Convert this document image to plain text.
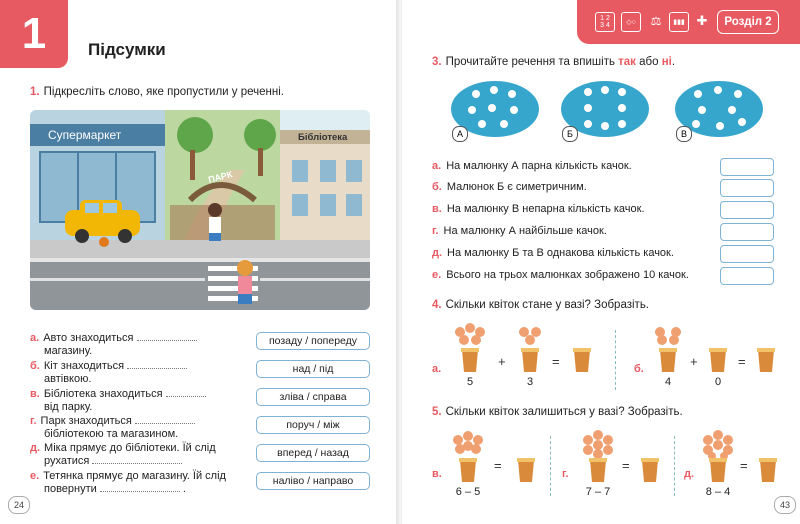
1	Підсумки
1. Підкресліть слово, яке пропустили у реченні.
Супермаркет	Бібліотека
ПАРК
а. Авто знаходиться
магазину.
позаду / попереду
б. Кіт знаходиться
автівкою.
над / під
в. Бібліотека знаходиться
від парку.
зліва / справа
г. Парк знаходиться
бібліотекою та магазином.
поруч / між
д. Міка прямує до бібліотеки. Їй слід
рухатися
вперед / назад
е. Тетянка прямує до магазину. Їй слід
повернути	.
наліво / направо
24
1 2
3 4	◇○	⚖	▮▮▮ ✚	Розділ 2
3. Прочитайте речення та впишіть так або ні.
А	Б	В
а. На малюнку А парна кількість качок.
б. Малюнок Б є симетричним.
в. На малюнку В непарна кількість качок.
г. На малюнку А найбільше качок.
д. На малюнку Б та В однакова кількість качок.
е. Всього на трьох малюнках зображено 10 качок.
4. Скільки квіток стане у вазі? Зобразіть.
а.
5
+
3
=	б.
4
+
0
=
5. Скільки квіток залишиться у вазі? Зобразіть.
в.
6 – 5
=
г.
7 – 7
=
д.
8 – 4
=
43
